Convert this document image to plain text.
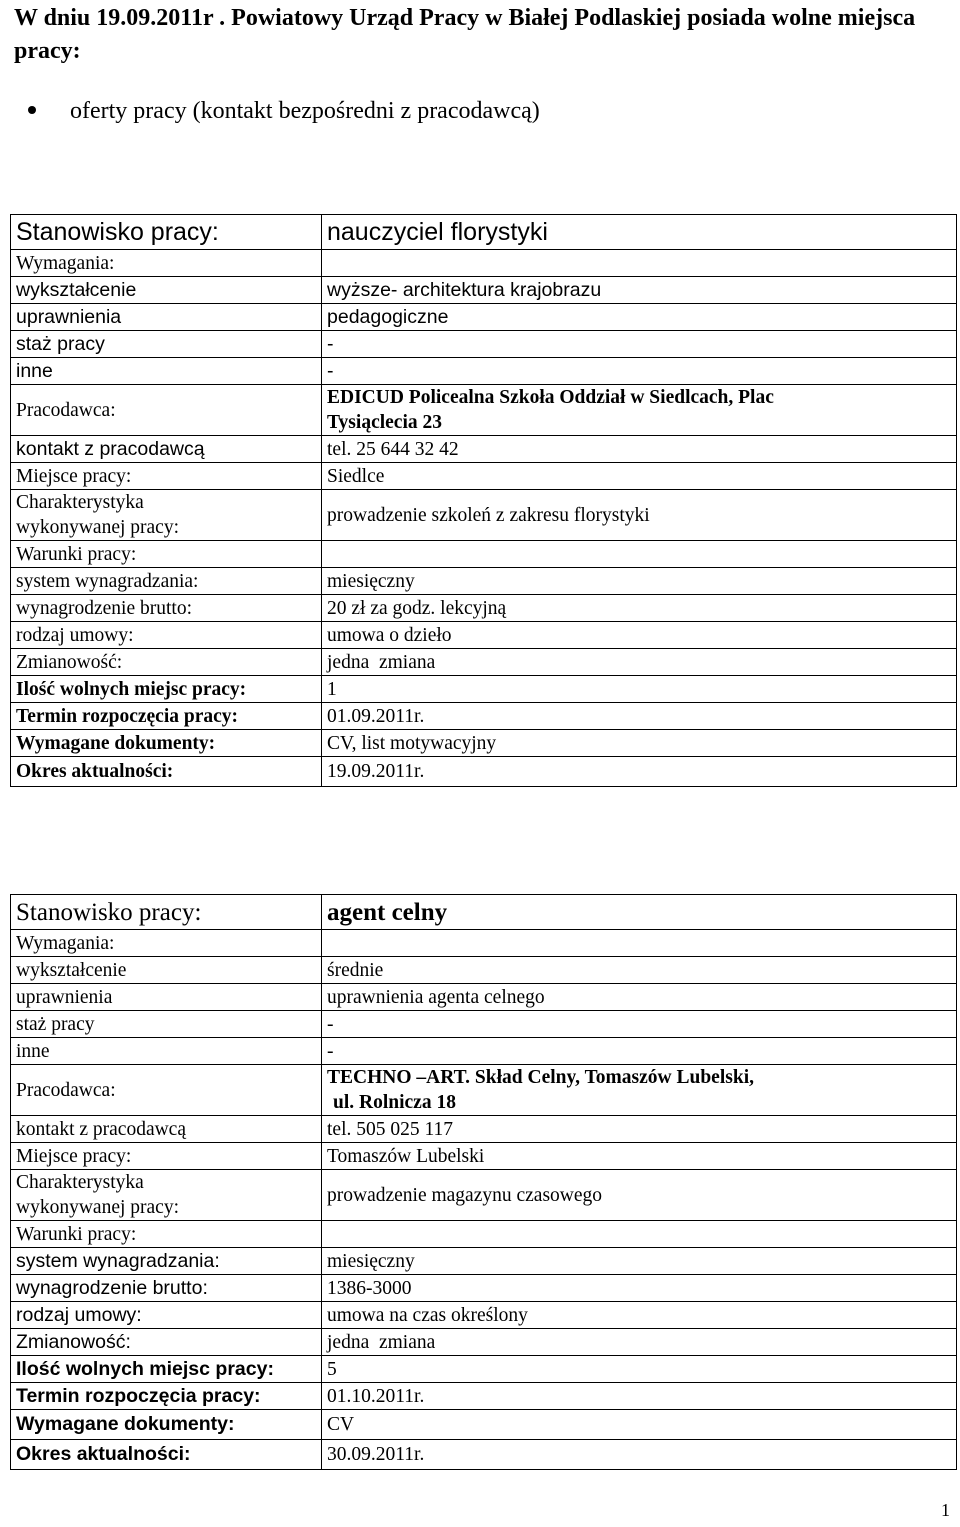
W dniu 19.09.2011r . Powiatowy Urząd Pracy w Białej Podlaskiej posiada wolne miejsca pracy:
oferty pracy (kontakt bezpośredni z pracodawcą)
Stanowisko pracy:	nauczyciel florystyki
Wymagania:	
wykształcenie	wyższe- architektura krajobrazu
uprawnienia	pedagogiczne
staż pracy	-
inne	-
Pracodawca:	EDICUD Policealna Szkoła Oddział w Siedlcach, Plac
Tysiąclecia 23

kontakt z pracodawcą	tel. 25 644 32 42
Miejsce pracy:	Siedlce

Charakterystyka
wykonywanej pracy:	prowadzenie szkoleń z zakresu florystyki
Warunki pracy:	
system wynagradzania:	miesięczny
wynagrodzenie brutto:	20 zł za godz. lekcyjną
rodzaj umowy:	umowa o dzieło
Zmianowość:	jedna  zmiana
Ilość wolnych miejsc pracy:	1
Termin rozpoczęcia pracy:	01.09.2011r.
Wymagane dokumenty:	CV, list motywacyjny
Okres aktualności:	19.09.2011r.
Stanowisko pracy:	agent celny
Wymagania:	
wykształcenie	średnie
uprawnienia	uprawnienia agenta celnego
staż pracy	-
inne	-
Pracodawca:	TECHNO –ART. Skład Celny, Tomaszów Lubelski,
ul. Rolnicza 18

kontakt z pracodawcą	tel. 505 025 117
Miejsce pracy:	Tomaszów Lubelski

Charakterystyka
wykonywanej pracy:	prowadzenie magazynu czasowego
Warunki pracy:	
system wynagradzania:	miesięczny
wynagrodzenie brutto:	1386-3000
rodzaj umowy:	umowa na czas określony
Zmianowość:	jedna  zmiana
Ilość wolnych miejsc pracy:	5
Termin rozpoczęcia pracy:	01.10.2011r.
Wymagane dokumenty:	CV
Okres aktualności:	30.09.2011r.
1
